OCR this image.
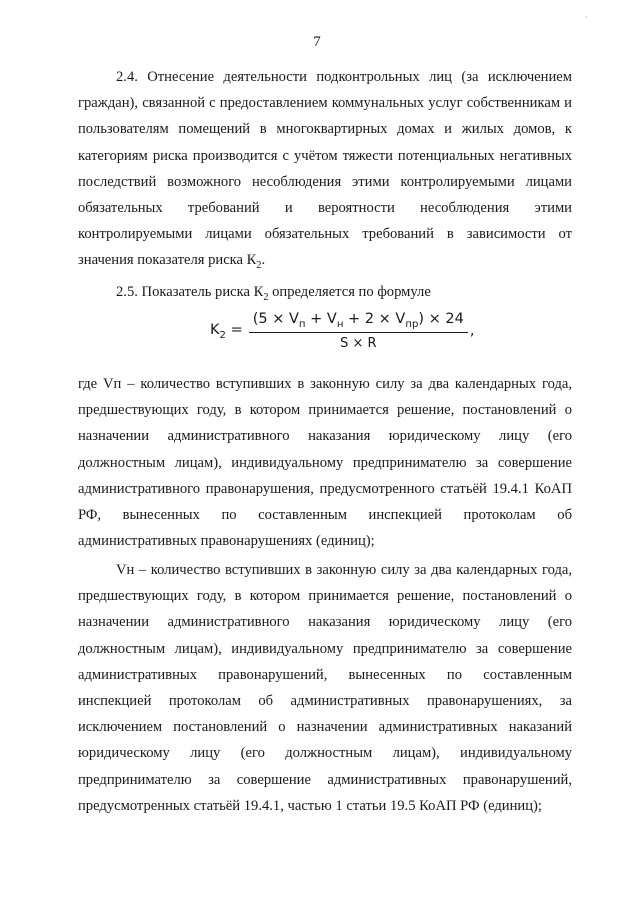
·
7

2.4. Отнесение деятельности подконтрольных лиц (за исключением граждан), связанной с предоставлением коммунальных услуг собственникам и пользователям помещений в многоквартирных домах и жилых домов, к категориям риска производится с учётом тяжести потенциальных негативных последствий возможного несоблюдения этими контролируемыми лицами обязательных требований и вероятности несоблюдения этими контролируемыми лицами обязательных требований в зависимости от значения показателя риска $К_2$.

2.5. Показатель риска $К_2$ определяется по формуле

$K_2 = \frac{(5 \times V_п + V_н + 2 \times V_{пр}) \times 24}{S \times R}$ ,

где Vп – количество вступивших в законную силу за два календарных года, предшествующих году, в котором принимается решение, постановлений о назначении административного наказания юридическому лицу (его должностным лицам), индивидуальному предпринимателю за совершение административного правонарушения, предусмотренного статьёй 19.4.1 КоАП РФ, вынесенных по составленным инспекцией протоколам об административных правонарушениях (единиц);

Vн – количество вступивших в законную силу за два календарных года, предшествующих году, в котором принимается решение, постановлений о назначении административного наказания юридическому лицу (его должностным лицам), индивидуальному предпринимателю за совершение административных правонарушений, вынесенных по составленным инспекцией протоколам об административных правонарушениях, за исключением постановлений о назначении административных наказаний юридическому лицу (его должностным лицам), индивидуальному предпринимателю за совершение административных правонарушений, предусмотренных статьёй 19.4.1, частью 1 статьи 19.5 КоАП РФ (единиц);
